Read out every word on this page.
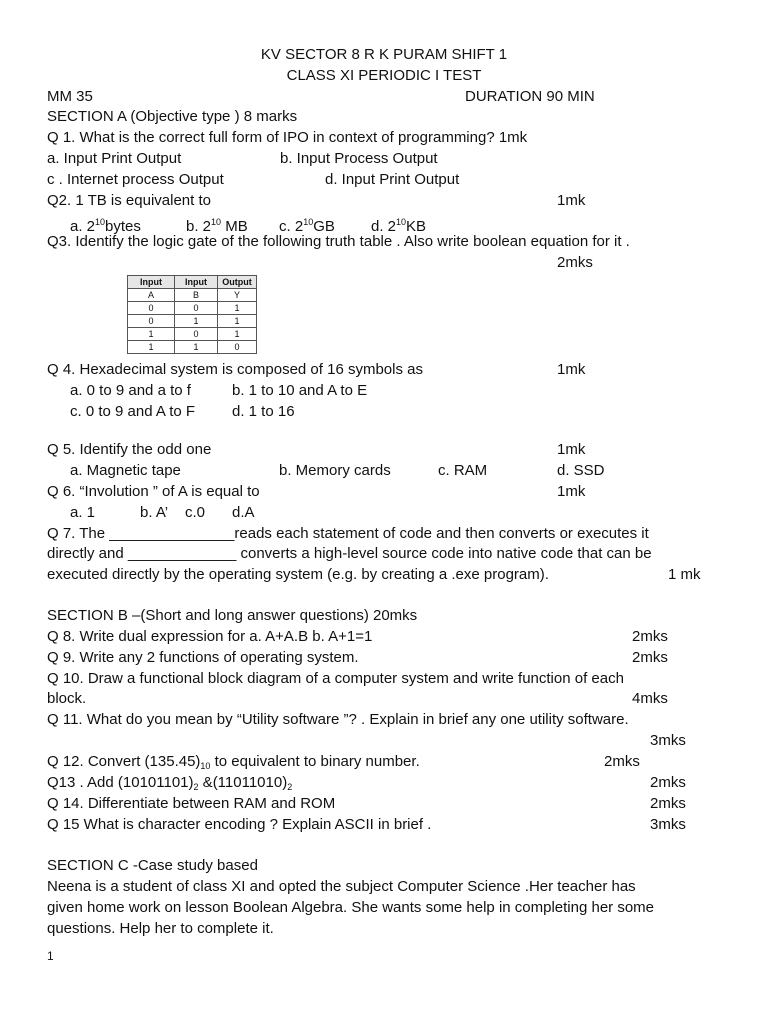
KV SECTOR 8 R K PURAM SHIFT 1
CLASS XI PERIODIC I TEST
MM 35	DURATION 90 MIN
SECTION A (Objective type ) 8 marks
Q 1. What is the correct full form of IPO in context of programming? 1mk
a. Input Print Output	b. Input Process Output
c . Internet process Output	d. Input Print Output
Q2. 1 TB is equivalent to	1mk
a. $2^{10}bytes$	b. $2^{10}$ MB c. $2^{10}GB$ d. $2^{10}KB$
Q3. Identify the logic gate of the following truth table . Also write boolean equation for it .
2mks
Input	Input	Output
A	B	Y
0	0	1
0	1	1
1	0	1
1	1	0
Q 4. Hexadecimal system is composed of 16 symbols as	1mk
a. 0 to 9 and a to f	b. 1 to 10 and A to E
c. 0 to 9 and A to F d. 1 to 16
Q 5. Identify the odd one	1mk
a. Magnetic tape	b. Memory cards	c. RAM	d. SSD
Q 6. “Involution ” of A is equal to	1mk
a. 1	b. A’ c.0 d.A
Q 7. The _______________reads each statement of code and then converts or executes it
directly and _____________ converts a high-level source code into native code that can be
executed directly by the operating system (e.g. by creating a .exe program).	1 mk
SECTION B –(Short and long answer questions) 20mks
Q 8. Write dual expression for a. A+A.B b. A+1=1	2mks
Q 9. Write any 2 functions of operating system.	2mks
Q 10. Draw a functional block diagram of a computer system and write function of each
block.	4mks
Q 11. What do you mean by “Utility software ”? . Explain in brief any one utility software.
3mks
Q 12. Convert $(135.45)_{10}$ to equivalent to binary number.	2mks
Q13 . Add $(10101101)_2$ $\&(11011010)_2$	2mks
Q 14. Differentiate between RAM and ROM	2mks
Q 15 What is character encoding ? Explain ASCII in brief .	3mks
SECTION C -Case study based
Neena is a student of class XI and opted the subject Computer Science .Her teacher has
given home work on lesson Boolean Algebra. She wants some help in completing her some
questions. Help her to complete it.
1
